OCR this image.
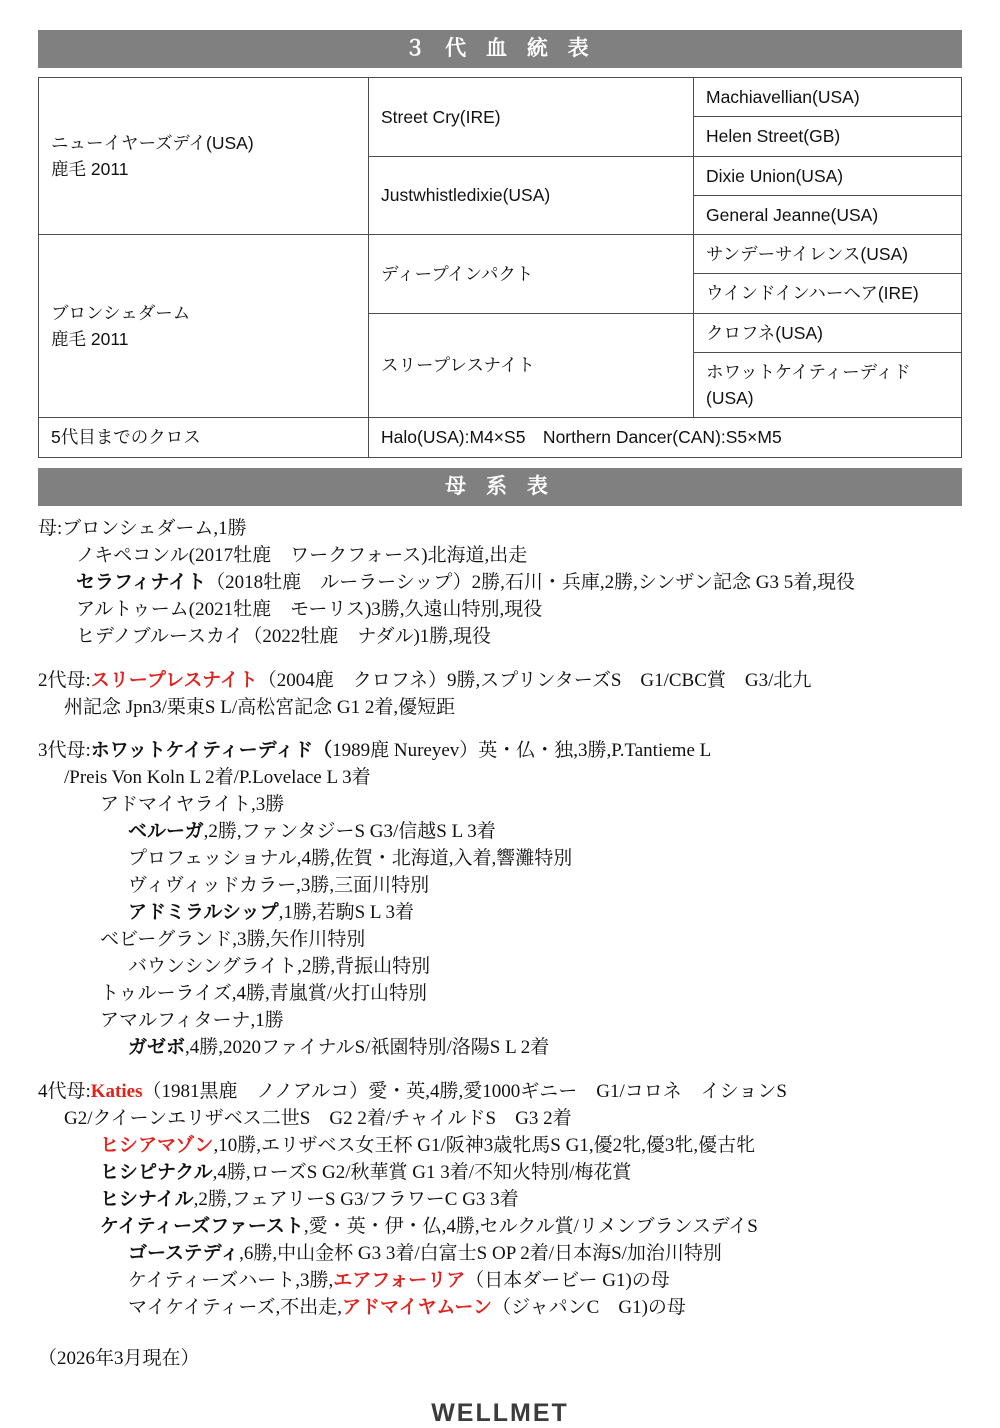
３ 代 血 統 表
ニューイヤーズデイ(USA)
鹿毛 2011	Street Cry(IRE)	Machiavellian(USA)
		Helen Street(GB)
	Justwhistledixie(USA)	Dixie Union(USA)
		General Jeanne(USA)

ブロンシェダーム
鹿毛 2011	ディープインパクト	サンデーサイレンス(USA)
		ウインドインハーヘア(IRE)
	スリープレスナイト	クロフネ(USA)
		ホワットケイティーディド(USA)
5代目までのクロス	Halo(USA):M4×S5　Northern Dancer(CAN):S5×M5	
母 系 表
母:ブロンシェダーム,1勝
ノキペコンル(2017牡鹿　ワークフォース)北海道,出走
セラフィナイト（2018牡鹿　ルーラーシップ）2勝,石川・兵庫,2勝,シンザン記念 G3 5着,現役
アルトゥーム(2021牡鹿　モーリス)3勝,久遠山特別,現役
ヒデノブルースカイ（2022牡鹿　ナダル)1勝,現役
2代母:スリープレスナイト（2004鹿　クロフネ）9勝,スプリンターズS　G1/CBC賞　G3/北九
州記念 Jpn3/栗東S L/高松宮記念 G1 2着,優短距
3代母:ホワットケイティーディド（1989鹿 Nureyev）英・仏・独,3勝,P.Tantieme L
/Preis Von Koln L 2着/P.Lovelace L 3着
アドマイヤライト,3勝
ベルーガ,2勝,ファンタジーS G3/信越S L 3着
プロフェッショナル,4勝,佐賀・北海道,入着,響灘特別
ヴィヴィッドカラー,3勝,三面川特別
アドミラルシップ,1勝,若駒S L 3着
ベビーグランド,3勝,矢作川特別
バウンシングライト,2勝,背振山特別
トゥルーライズ,4勝,青嵐賞/火打山特別
アマルフィターナ,1勝
ガゼボ,4勝,2020ファイナルS/祇園特別/洛陽S L 2着
4代母:Katies（1981黒鹿　ノノアルコ）愛・英,4勝,愛1000ギニー　G1/コロネ　イションS
G2/クイーンエリザベス二世S　G2 2着/チャイルドS　G3 2着
ヒシアマゾン,10勝,エリザベス女王杯 G1/阪神3歳牝馬S G1,優2牝,優3牝,優古牝
ヒシピナクル,4勝,ローズS G2/秋華賞 G1 3着/不知火特別/梅花賞
ヒシナイル,2勝,フェアリーS G3/フラワーC G3 3着
ケイティーズファースト,愛・英・伊・仏,4勝,セルクル賞/リメンブランスデイS
ゴーステディ,6勝,中山金杯 G3 3着/白富士S OP 2着/日本海S/加治川特別
ケイティーズハート,3勝,エアフォーリア（日本ダービー G1)の母
マイケイティーズ,不出走,アドマイヤムーン（ジャパンC　G1)の母
（2026年3月現在）
WELLMET
